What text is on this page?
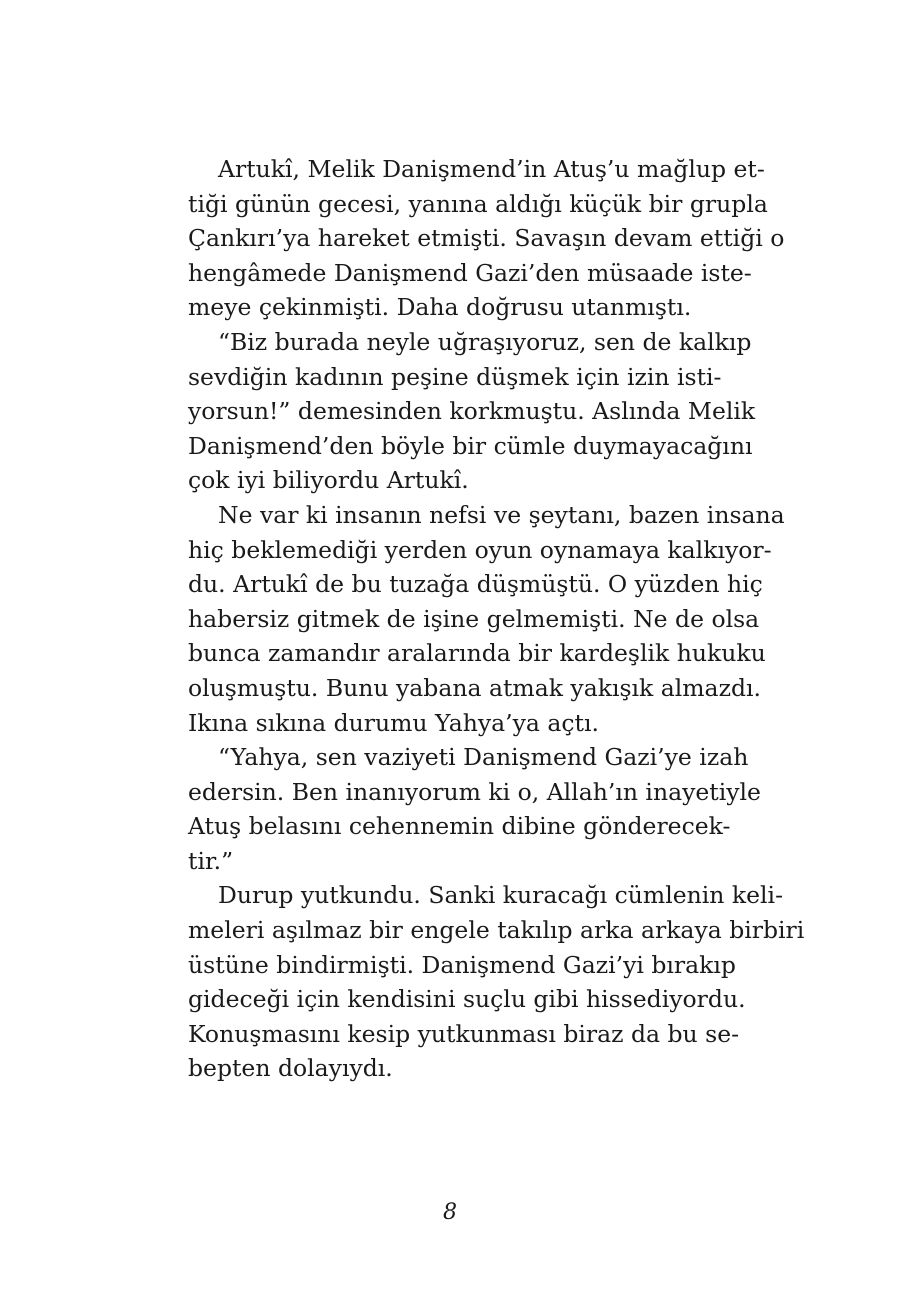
Artukî, Melik Danişmend’in Atuş’u mağlup et-
tiği günün gecesi, yanına aldığı küçük bir grupla
Çankırı’ya hareket etmişti. Savaşın devam ettiği o
hengâmede Danişmend Gazi’den müsaade iste-
meye çekinmişti. Daha doğrusu utanmıştı.
“Biz burada neyle uğraşıyoruz, sen de kalkıp
sevdiğin kadının peşine düşmek için izin isti-
yorsun!” demesinden korkmuştu. Aslında Melik
Danişmend’den böyle bir cümle duymayacağını
çok iyi biliyordu Artukî.
Ne var ki insanın nefsi ve şeytanı, bazen insana
hiç beklemediği yerden oyun oynamaya kalkıyor-
du. Artukî de bu tuzağa düşmüştü. O yüzden hiç
habersiz gitmek de işine gelmemişti. Ne de olsa
bunca zamandır aralarında bir kardeşlik hukuku
oluşmuştu. Bunu yabana atmak yakışık almazdı.
Ikına sıkına durumu Yahya’ya açtı.
“Yahya, sen vaziyeti Danişmend Gazi’ye izah
edersin. Ben inanıyorum ki o, Allah’ın inayetiyle
Atuş belasını cehennemin dibine gönderecek-
tir.”
Durup yutkundu. Sanki kuracağı cümlenin keli-
meleri aşılmaz bir engele takılıp arka arkaya birbiri
üstüne bindirmişti. Danişmend Gazi’yi bırakıp
gideceği için kendisini suçlu gibi hissediyordu.
Konuşmasını kesip yutkunması biraz da bu se-
bepten dolayıydı.
8
